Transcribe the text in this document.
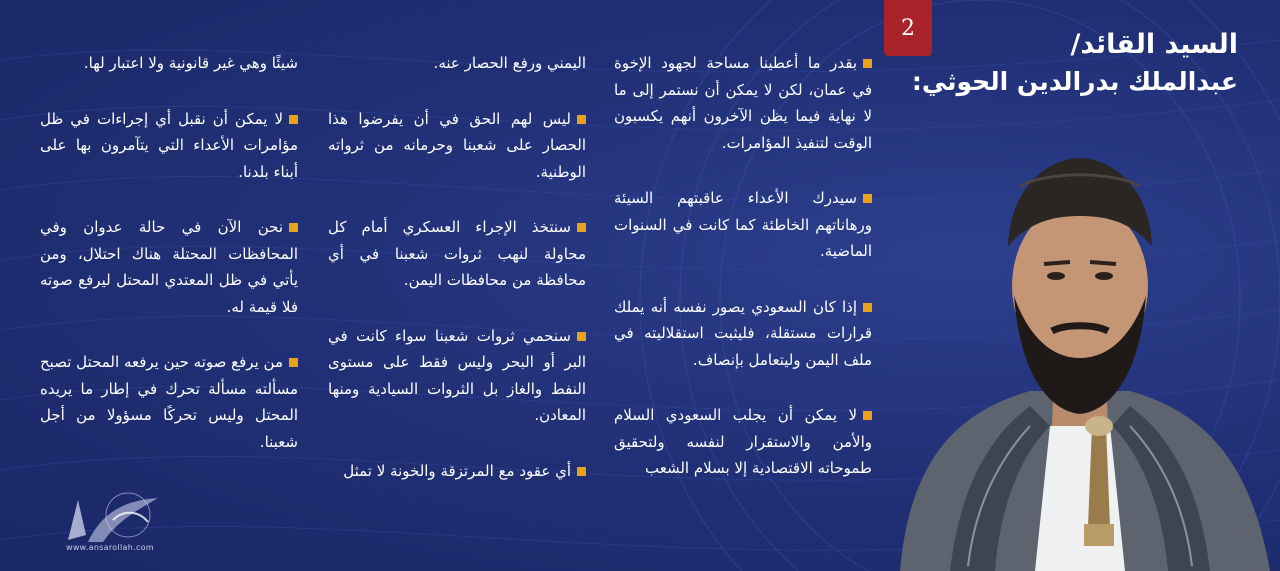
2
السيد القائد/
عبدالملك بدرالدين الحوثي:

بقدر ما أعطينا مساحة لجهود الإخوة في عمان، لكن لا يمكن أن نستمر إلى ما لا نهاية فيما يظن الآخرون أنهم يكسبون الوقت لتنفيذ المؤامرات.

سيدرك الأعداء عاقبتهم السيئة ورهاناتهم الخاطئة كما كانت في السنوات الماضية.

إذا كان السعودي يصور نفسه أنه يملك قرارات مستقلة، فليثبت استقلاليته في ملف اليمن وليتعامل بإنصاف.

لا يمكن أن يجلب السعودي السلام والأمن والاستقرار لنفسه ولتحقيق طموحاته الاقتصادية إلا بسلام الشعب

اليمني ورفع الحصار عنه.

ليس لهم الحق في أن يفرضوا هذا الحصار على شعبنا وحرمانه من ثرواته الوطنية.

سنتخذ الإجراء العسكري أمام كل محاولة لنهب ثروات شعبنا في أي محافظة من محافظات اليمن.

سنحمي ثروات شعبنا سواء كانت في البر أو البحر وليس فقط على مستوى النفط والغاز بل الثروات السيادية ومنها المعادن.

أي عقود مع المرتزقة والخونة لا تمثل

شيئًا وهي غير قانونية ولا اعتبار لها.

لا يمكن أن نقبل أي إجراءات في ظل مؤامرات الأعداء التي يتآمرون بها على أبناء بلدنا.

نحن الآن في حالة عدوان وفي المحافظات المحتلة هناك احتلال، ومن يأتي في ظل المعتدي المحتل ليرفع صوته فلا قيمة له.

من يرفع صوته حين يرفعه المحتل تصبح مسألته مسألة تحرك في إطار ما يريده المحتل وليس تحركًا مسؤولا من أجل شعبنا.

www.ansarollah.com
